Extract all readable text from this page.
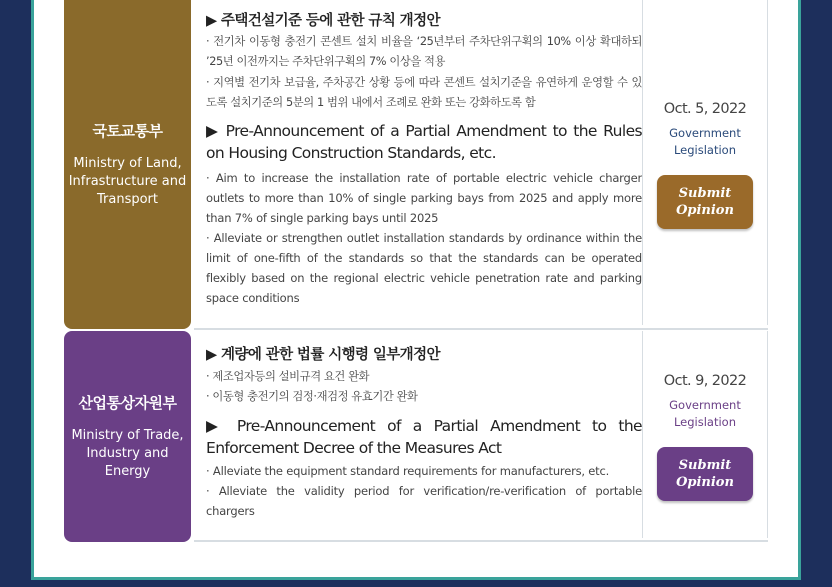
국토교통부
Ministry of Land, Infrastructure and Transport
▶ 주택건설기준 등에 관한 규칙 개정안
· 전기차 이동형 충전기 콘센트 설치 비율을 ‘25년부터 주차단위구획의 10% 이상 확대하되 ’25년 이전까지는 주차단위구획의 7% 이상을 적용
· 지역별 전기차 보급율, 주차공간 상황 등에 따라 콘센트 설치기준을 유연하게 운영할 수 있도록 설치기준의 5분의 1 범위 내에서 조례로 완화 또는 강화하도록 함
▶ Pre-Announcement of a Partial Amendment to the Rules on Housing Construction Standards, etc.
· Aim to increase the installation rate of portable electric vehicle charger outlets to more than 10% of single parking bays from 2025 and apply more than 7% of single parking bays until 2025
· Alleviate or strengthen outlet installation standards by ordinance within the limit of one-fifth of the standards so that the standards can be operated flexibly based on the regional electric vehicle penetration rate and parking space conditions
Oct. 5, 2022
Government Legislation
Submit
Opinion
산업통상자원부
Ministry of Trade, Industry and Energy
▶ 계량에 관한 법률 시행령 일부개정안
· 제조업자등의 설비규격 요건 완화
· 이동형 충전기의 검정·재검정 유효기간 완화
▶ Pre-Announcement of a Partial Amendment to the Enforcement Decree of the Measures Act
· Alleviate the equipment standard requirements for manufacturers, etc.
· Alleviate the validity period for verification/re-verification of portable chargers
Oct. 9, 2022
Government Legislation
Submit
Opinion
